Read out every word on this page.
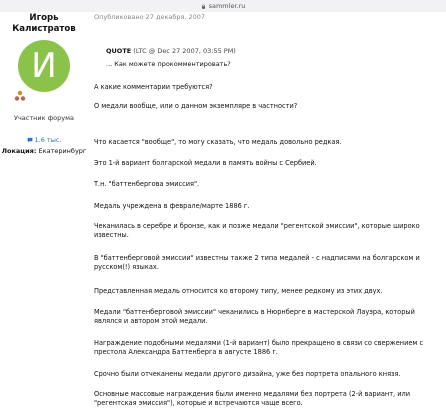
sammler.ru
Игорь Калистратов
И
Участник форума
1.6 тыс.
Локация: Екатеринбург
Опубликовано 27 декабря, 2007
QUOTE (LTC @ Dec 27 2007, 03:55 PM)
... Как можете прокомментировать?
А какие комментарии требуются?
О медали вообще, или о данном экземпляре в частности?
Что касается "вообще", то могу сказать, что медаль довольно редкая.
Это 1-й вариант болгарской медали в память войны с Сербией.
Т.н. "баттенбергова эмиссия".
Медаль учреждена в феврале/марте 1886 г.
Чеканилась в серебре и бронзе, как и позже медали "регентской эмиссии", которые широко известны.
В "баттенберговой эмиссии" известны также 2 типа медалей - с надписями на болгарском и русском(!) языках.
Представленная медаль относится ко второму типу, менее редкому из этих двух.
Медали "баттенберговой эмиссии" чеканились в Нюрнберге в мастерской Лауэра, который являлся и автором этой медали.
Награждение подобными медалями (1-й вариант) было прекращено в связи со свержением с престола Александра Баттенберга в августе 1886 г.
Срочно были отчеканены медали другого дизайна, уже без портрета опального князя.
Основные массовые награждения были именно медалями без портрета (2-й вариант, или "регентская эмиссия"), которые и встречаются чаще всего.
